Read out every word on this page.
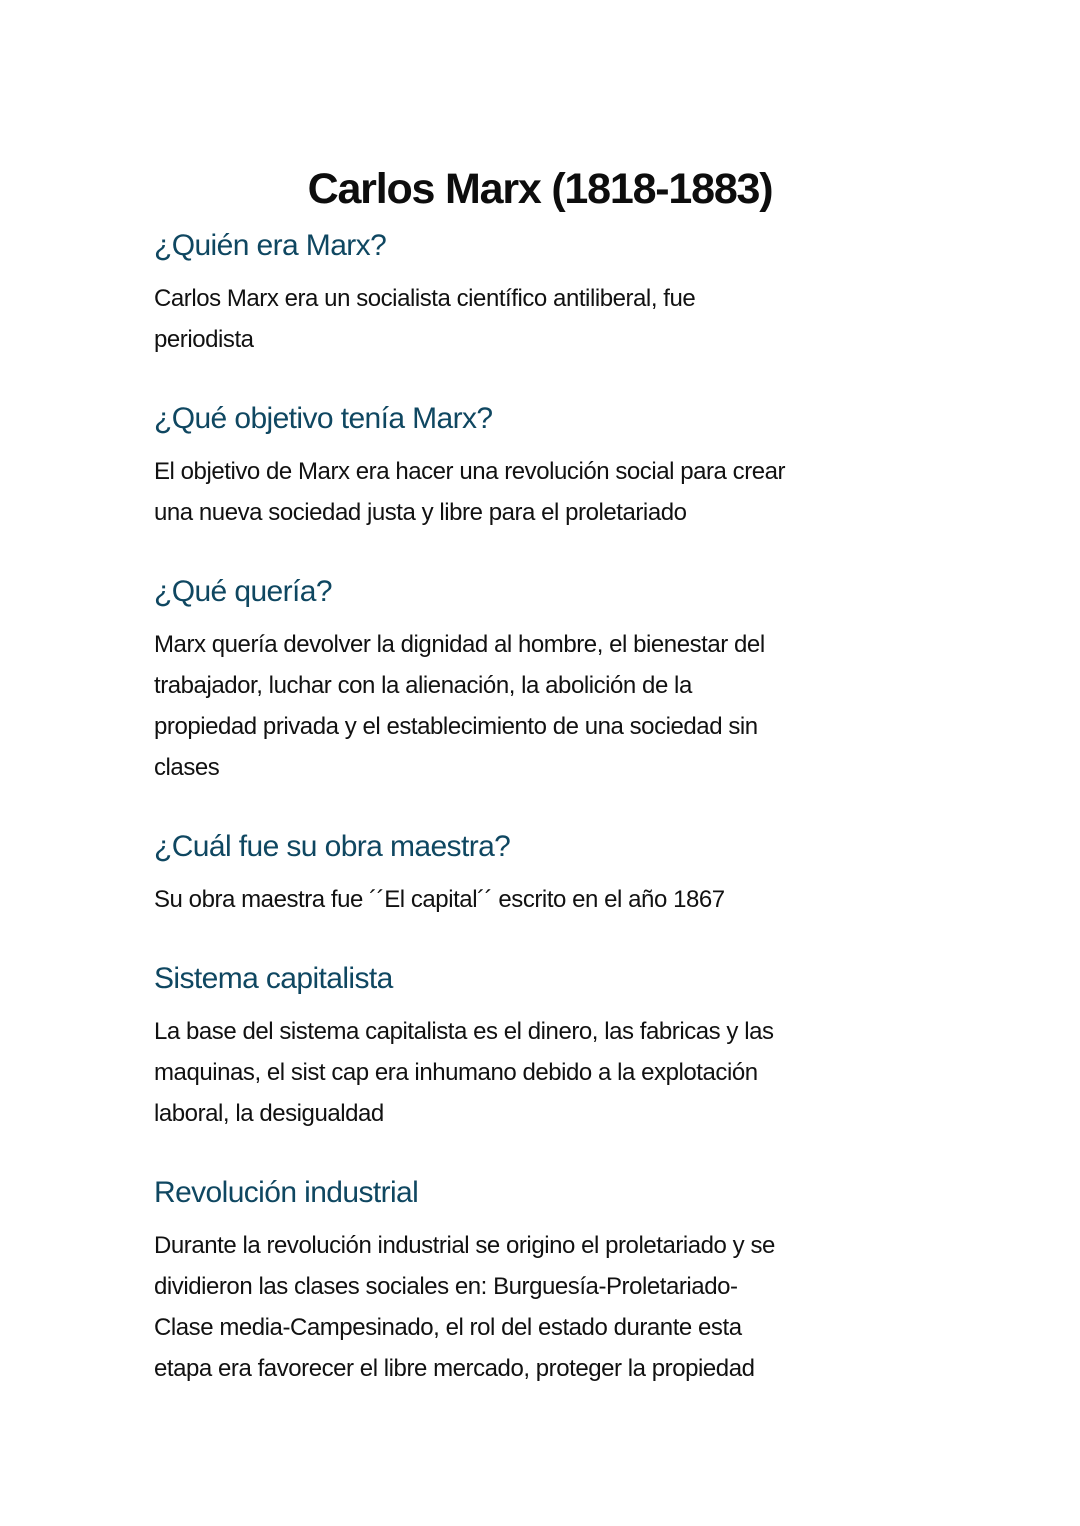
Carlos Marx (1818-1883)
¿Quién era Marx?

Carlos Marx era un socialista científico antiliberal, fue
periodista

¿Qué objetivo tenía Marx?

El objetivo de Marx era hacer una revolución social para crear
una nueva sociedad justa y libre para el proletariado

¿Qué quería?

Marx quería devolver la dignidad al hombre, el bienestar del
trabajador, luchar con la alienación, la abolición de la
propiedad privada y el establecimiento de una sociedad sin
clases

¿Cuál fue su obra maestra?

Su obra maestra fue ´´El capital´´ escrito en el año 1867

Sistema capitalista

La base del sistema capitalista es el dinero, las fabricas y las
maquinas, el sist cap era inhumano debido a la explotación
laboral, la desigualdad

Revolución industrial

Durante la revolución industrial se origino el proletariado y se
dividieron las clases sociales en: Burguesía-Proletariado-
Clase media-Campesinado, el rol del estado durante esta
etapa era favorecer el libre mercado, proteger la propiedad
